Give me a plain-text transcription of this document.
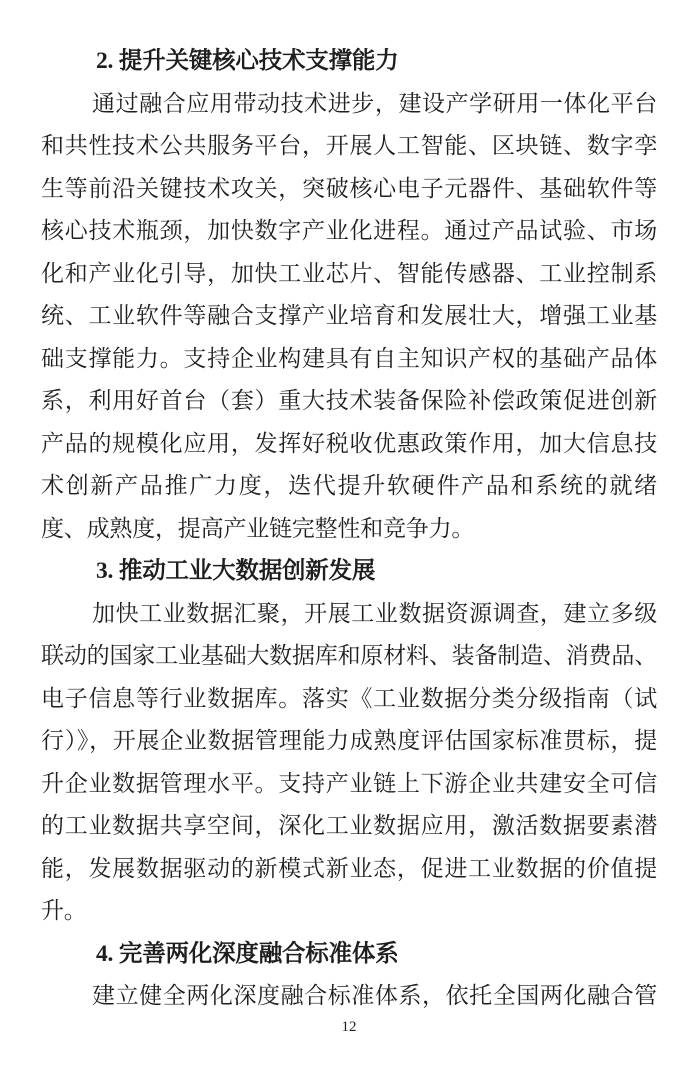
2. 提升关键核心技术支撑能力
通过融合应用带动技术进步，建设产学研用一体化平台
和共性技术公共服务平台，开展人工智能、区块链、数字孪
生等前沿关键技术攻关，突破核心电子元器件、基础软件等
核心技术瓶颈，加快数字产业化进程。通过产品试验、市场
化和产业化引导，加快工业芯片、智能传感器、工业控制系
统、工业软件等融合支撑产业培育和发展壮大，增强工业基
础支撑能力。支持企业构建具有自主知识产权的基础产品体
系，利用好首台（套）重大技术装备保险补偿政策促进创新
产品的规模化应用，发挥好税收优惠政策作用，加大信息技
术创新产品推广力度，迭代提升软硬件产品和系统的就绪
度、成熟度，提高产业链完整性和竞争力。
3. 推动工业大数据创新发展
加快工业数据汇聚，开展工业数据资源调查，建立多级
联动的国家工业基础大数据库和原材料、装备制造、消费品、
电子信息等行业数据库。落实《工业数据分类分级指南（试
行）》，开展企业数据管理能力成熟度评估国家标准贯标，提
升企业数据管理水平。支持产业链上下游企业共建安全可信
的工业数据共享空间，深化工业数据应用，激活数据要素潜
能，发展数据驱动的新模式新业态，促进工业数据的价值提
升。
4. 完善两化深度融合标准体系
建立健全两化深度融合标准体系，依托全国两化融合管
12
